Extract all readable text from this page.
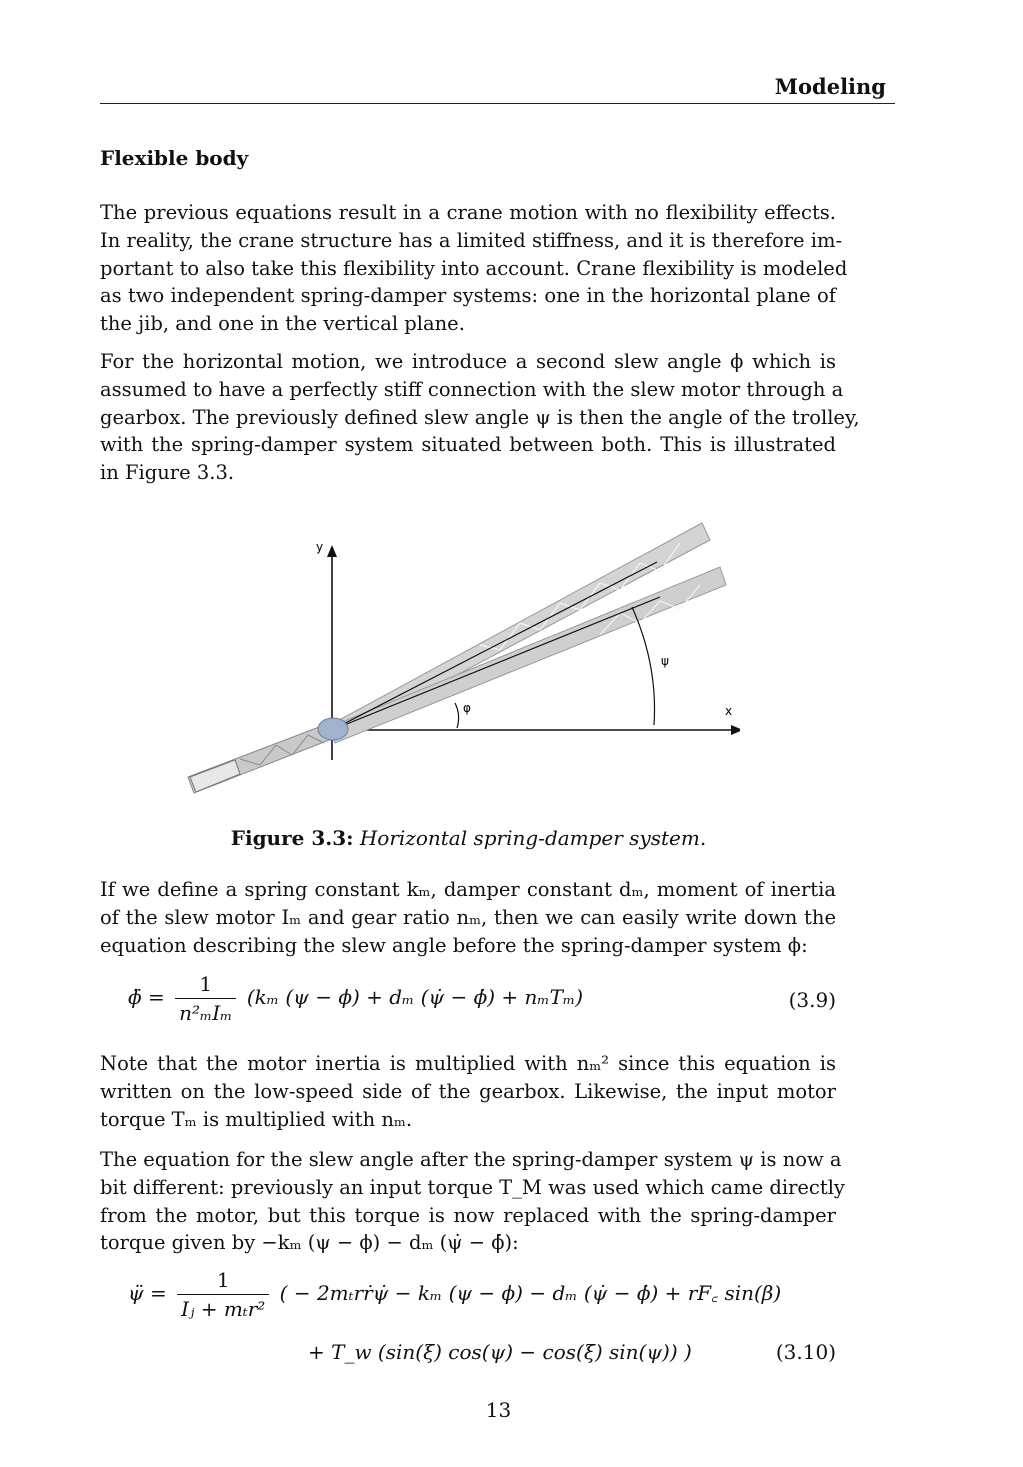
Modeling
Flexible body

The previous equations result in a crane motion with no flexibility effects.
In reality, the crane structure has a limited stiffness, and it is therefore im-
portant to also take this flexibility into account. Crane flexibility is modeled
as two independent spring-damper systems: one in the horizontal plane of
the jib, and one in the vertical plane.

For the horizontal motion, we introduce a second slew angle ϕ which is
assumed to have a perfectly stiff connection with the slew motor through a
gearbox. The previously defined slew angle ψ is then the angle of the trolley,
with the spring-damper system situated between both. This is illustrated
in Figure 3.3.

y
x
φ
ψ
Figure 3.3: Horizontal spring-damper system.

If we define a spring constant kₘ, damper constant dₘ, moment of inertia
of the slew motor Iₘ and gear ratio nₘ, then we can easily write down the
equation describing the slew angle before the spring-damper system ϕ:

ϕ̈ = $\frac{1}{\text{n²ₘIₘ}} (k_m$ (ψ − ϕ) + dₘ (ψ̇ − ϕ̇) + nₘTₘ)	(3.9)

Note that the motor inertia is multiplied with nₘ² since this equation is
written on the low-speed side of the gearbox. Likewise, the input motor
torque Tₘ is multiplied with nₘ.

The equation for the slew angle after the spring-damper system ψ is now a
bit different: previously an input torque T_M was used which came directly
from the motor, but this torque is now replaced with the spring-damper
torque given by −kₘ (ψ − ϕ) − dₘ (ψ̇ − ϕ̇):

ψ̈ = $\frac{1}{\text{Iⱼ + mₜr²}}$ ( − 2mₜrṙψ̇ − kₘ (ψ − ϕ) − dₘ (ψ̇ − ϕ̇) + rF꜀ sin(β)
+ T_w (sin(ξ) cos(ψ) − cos(ξ) sin(ψ)) )	(3.10)
13
